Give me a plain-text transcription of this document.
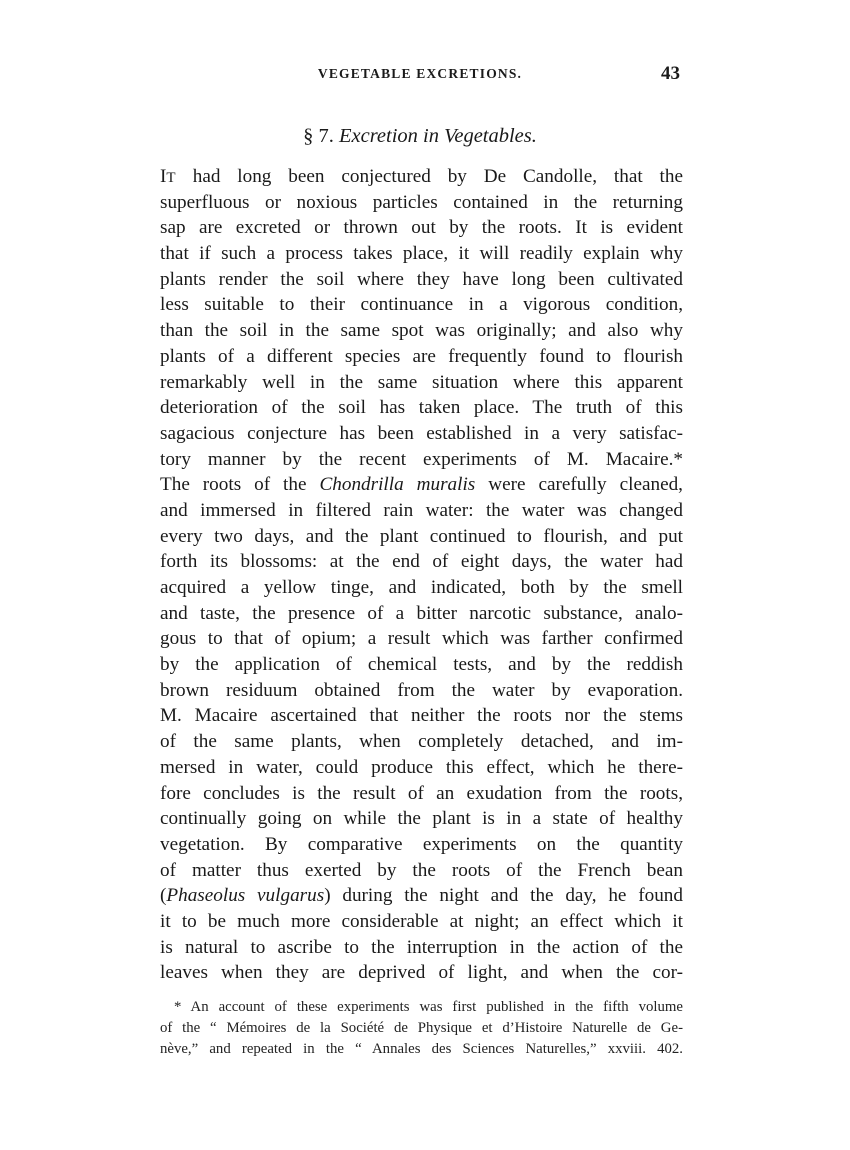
VEGETABLE EXCRETIONS.	43
§ 7. Excretion in Vegetables.
IT had long been conjectured by De Candolle, that the
superfluous or noxious particles contained in the returning
sap are excreted or thrown out by the roots. It is evident
that if such a process takes place, it will readily explain why
plants render the soil where they have long been cultivated
less suitable to their continuance in a vigorous condition,
than the soil in the same spot was originally; and also why
plants of a different species are frequently found to flourish
remarkably well in the same situation where this apparent
deterioration of the soil has taken place. The truth of this
sagacious conjecture has been established in a very satisfac-
tory manner by the recent experiments of M. Macaire.*
The roots of the Chondrilla muralis were carefully cleaned,
and immersed in filtered rain water: the water was changed
every two days, and the plant continued to flourish, and put
forth its blossoms: at the end of eight days, the water had
acquired a yellow tinge, and indicated, both by the smell
and taste, the presence of a bitter narcotic substance, analo-
gous to that of opium; a result which was farther confirmed
by the application of chemical tests, and by the reddish
brown residuum obtained from the water by evaporation.
M. Macaire ascertained that neither the roots nor the stems
of the same plants, when completely detached, and im-
mersed in water, could produce this effect, which he there-
fore concludes is the result of an exudation from the roots,
continually going on while the plant is in a state of healthy
vegetation. By comparative experiments on the quantity
of matter thus exerted by the roots of the French bean
(Phaseolus vulgarus) during the night and the day, he found
it to be much more considerable at night; an effect which it
is natural to ascribe to the interruption in the action of the
leaves when they are deprived of light, and when the cor-
* An account of these experiments was first published in the fifth volume
of the “ Mémoires de la Société de Physique et d’Histoire Naturelle de Ge-
nève,” and repeated in the “ Annales des Sciences Naturelles,” xxviii. 402.
